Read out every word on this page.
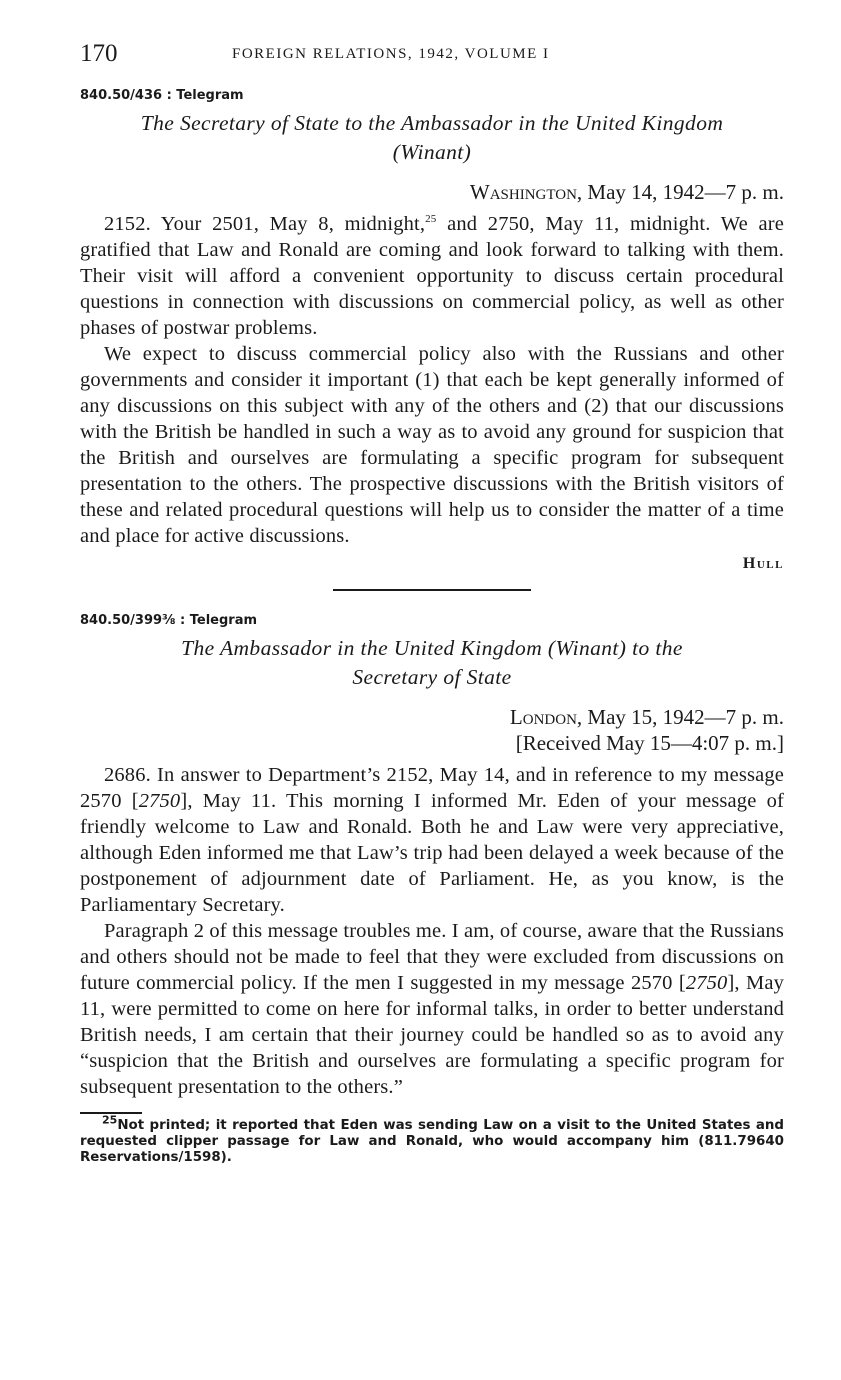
170	FOREIGN RELATIONS, 1942, VOLUME I
840.50/436 : Telegram
The Secretary of State to the Ambassador in the United Kingdom
(Winant)
Washington, May 14, 1942—7 p. m.

2152. Your 2501, May 8, midnight,$^{25}$ and 2750, May 11, midnight. We are gratified that Law and Ronald are coming and look forward to talking with them. Their visit will afford a convenient opportunity to discuss certain procedural questions in connection with discussions on commercial policy, as well as other phases of postwar problems.

We expect to discuss commercial policy also with the Russians and other governments and consider it important (1) that each be kept generally informed of any discussions on this subject with any of the others and (2) that our discussions with the British be handled in such a way as to avoid any ground for suspicion that the British and ourselves are formulating a specific program for subsequent presentation to the others. The prospective discussions with the British visitors of these and related procedural questions will help us to consider the matter of a time and place for active discussions.

Hull
840.50/399⅜ : Telegram
The Ambassador in the United Kingdom (Winant) to the
Secretary of State
London, May 15, 1942—7 p. m.
[Received May 15—4:07 p. m.]

2686. In answer to Department’s 2152, May 14, and in reference to my message 2570 [2750], May 11. This morning I informed Mr. Eden of your message of friendly welcome to Law and Ronald. Both he and Law were very appreciative, although Eden informed me that Law’s trip had been delayed a week because of the postponement of adjournment date of Parliament. He, as you know, is the Parliamentary Secretary.

Paragraph 2 of this message troubles me. I am, of course, aware that the Russians and others should not be made to feel that they were excluded from discussions on future commercial policy. If the men I suggested in my message 2570 [2750], May 11, were permitted to come on here for informal talks, in order to better understand British needs, I am certain that their journey could be handled so as to avoid any “suspicion that the British and ourselves are formulating a specific program for subsequent presentation to the others.”

$^{25}$Not printed; it reported that Eden was sending Law on a visit to the United States and requested clipper passage for Law and Ronald, who would accompany him (811.79640 Reservations/1598).
